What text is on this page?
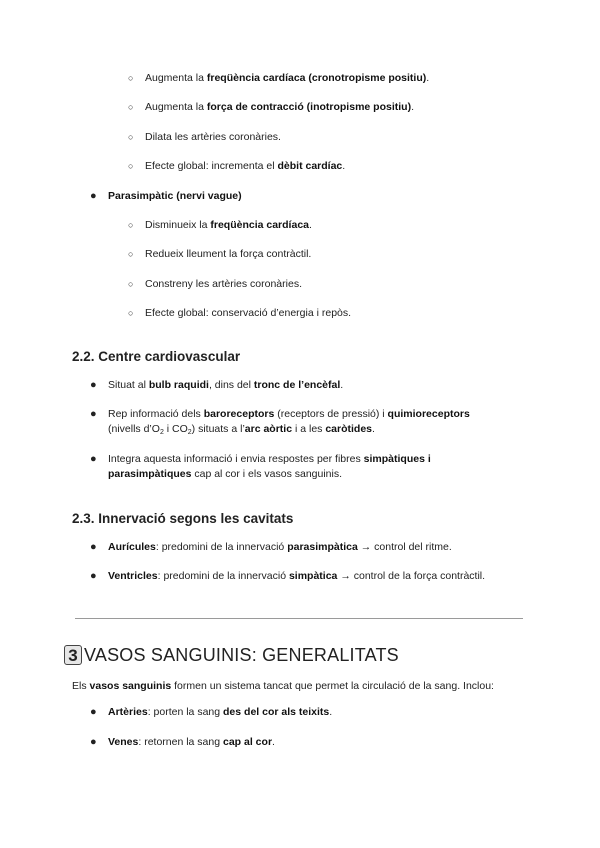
○ Augmenta la freqüència cardíaca (cronotropisme positiu).
○ Augmenta la força de contracció (inotropisme positiu).
○ Dilata les artèries coronàries.
○ Efecte global: incrementa el dèbit cardíac.
● Parasimpàtic (nervi vague)
○ Disminueix la freqüència cardíaca.
○ Redueix lleument la força contràctil.
○ Constreny les artèries coronàries.
○ Efecte global: conservació d’energia i repòs.
2.2. Centre cardiovascular
● Situat al bulb raquidi, dins del tronc de l’encèfal.
● Rep informació dels baroreceptors (receptors de pressió) i quimioreceptors
(nivells $d’O_2$ i $CO_2$) situats a l’arc aòrtic i a les caròtides.
● Integra aquesta informació i envia respostes per fibres simpàtiques i
parasimpàtiques cap al cor i els vasos sanguinis.
2.3. Innervació segons les cavitats
● Aurícules: predomini de la innervació parasimpàtica → control del ritme.
● Ventricles: predomini de la innervació simpàtica → control de la força contràctil.
3 VASOS SANGUINIS: GENERALITATS
Els vasos sanguinis formen un sistema tancat que permet la circulació de la sang. Inclou:
● Artèries: porten la sang des del cor als teixits.
● Venes: retornen la sang cap al cor.
